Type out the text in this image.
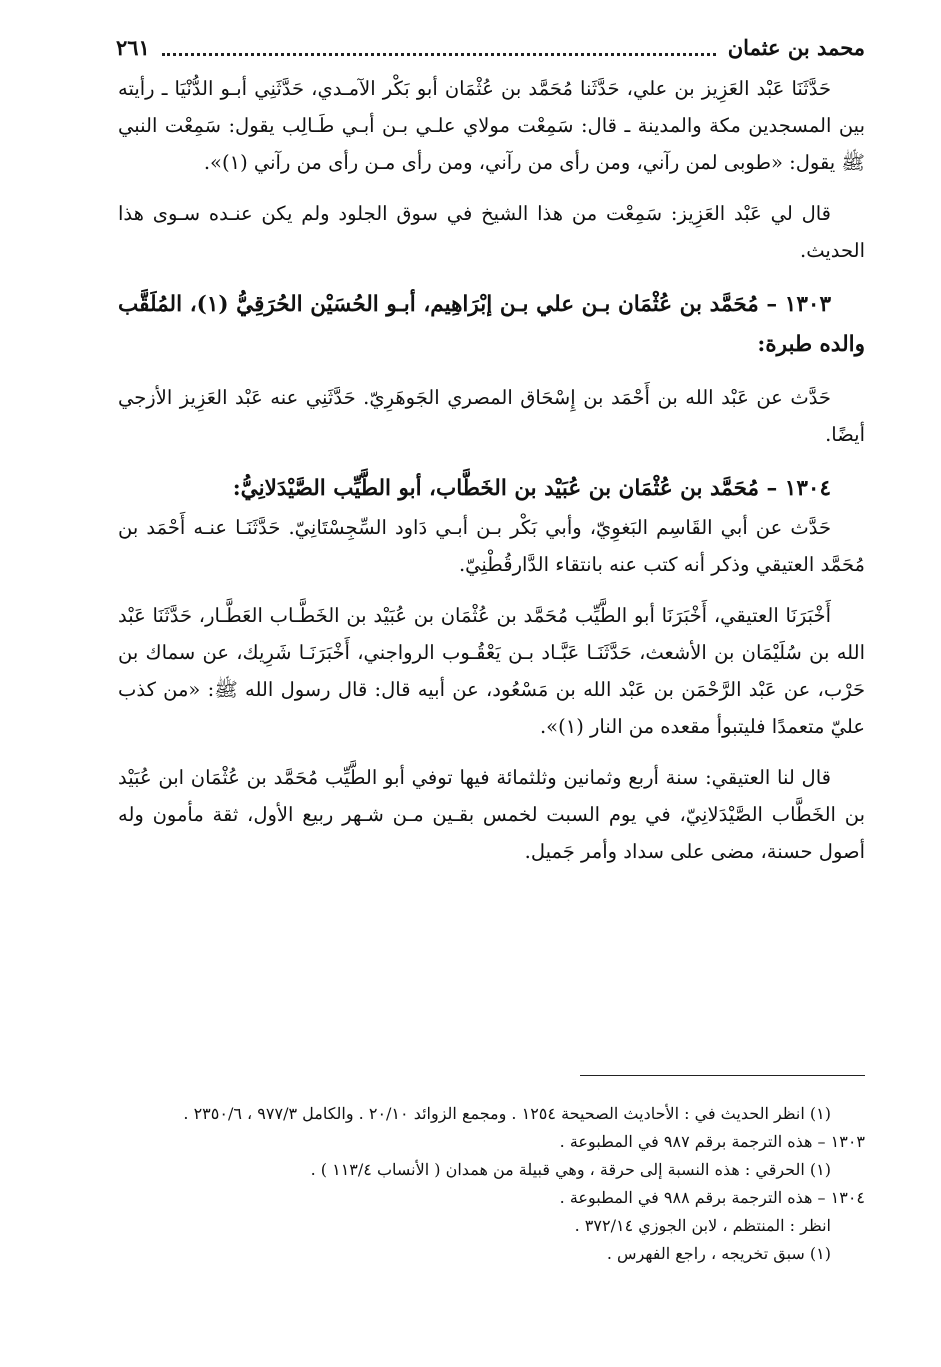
محمد بن عثمان
٢٦١

حَدَّثَنَا عَبْد العَزِيز بن علي، حَدَّثَنا مُحَمَّد بن عُثْمَان أبو بَكْر الآمـدي، حَدَّثَنِي أبـو الدُّنْيَا ـ رأيته بين المسجدين مكة والمدينة ـ قال: سَمِعْت مولاي علـي بـن أبـي طَـالِب يقول: سَمِعْت النبي ﷺ يقول: «طوبى لمن رآني، ومن رأى من رآني، ومن رأى مـن رأى من رآني (١)».

قال لي عَبْد العَزِيز: سَمِعْت من هذا الشيخ في سوق الجلود ولم يكن عنـده سـوى هذا الحديث.

١٣٠٣ – مُحَمَّد بن عُثْمَان بـن علي بـن إبْرَاهِيم، أبـو الحُسَيْن الحُرَقِيُّ (١)، المُلَقَّب والده طبرة:

حَدَّث عن عَبْد الله بن أَحْمَد بن إِسْحَاق المصري الجَوهَرِيّ. حَدَّثَنِي عنه عَبْد العَزِيز الأزجي أيضًا.

١٣٠٤ – مُحَمَّد بن عُثْمَان بن عُبَيْد بن الخَطَّاب، أبو الطَّيِّب الصَّيْدَلانِيُّ:

حَدَّث عن أبي القَاسِم البَغوِيّ، وأبي بَكْر بـن أبـي دَاود السِّجِسْتَانِيّ. حَدَّثَنَـا عنـه أَحْمَد بن مُحَمَّد العتيقي وذكر أنه كتب عنه بانتقاء الدَّارقُطْنِيّ.

أَخْبَرَنَا العتيقي، أَخْبَرَنَا أبو الطَّيِّب مُحَمَّد بن عُثْمَان بن عُبَيْد بن الخَطَّـاب العَطَّـار، حَدَّثَنَا عَبْد الله بن سُلَيْمَان بن الأشعث، حَدَّثَنَـا عَبَّـاد بـن يَعْقُـوب الرواجني، أَخْبَرَنَـا شَرِيك، عن سماك بن حَرْب، عن عَبْد الرَّحْمَن بن عَبْد الله بن مَسْعُود، عن أبيه قال: قال رسول الله ﷺ: «من كذب عليّ متعمدًا فليتبوأ مقعده من النار (١)».

قال لنا العتيقي: سنة أربع وثمانين وثلثمائة فيها توفي أبو الطَّيِّب مُحَمَّد بن عُثْمَان ابن عُبَيْد بن الخَطَّاب الصَّيْدَلانِيّ، في يوم السبت لخمس بقـين مـن شـهر ربيع الأول، ثقة مأمون وله أصول حسنة، مضى على سداد وأمر جَميل.

(١) انظر الحديث في : الأحاديث الصحيحة ١٢٥٤ . ومجمع الزوائد ٢٠/١٠ . والكامل ٩٧٧/٣ ، ٢٣٥٠/٦ .
١٣٠٣ – هذه الترجمة برقم ٩٨٧ في المطبوعة .
(١) الحرقي : هذه النسبة إلى حرقة ، وهي قبيلة من همدان ( الأنساب ١١٣/٤ ) .
١٣٠٤ – هذه الترجمة برقم ٩٨٨ في المطبوعة .
انظر : المنتظم ، لابن الجوزي ٣٧٢/١٤ .
(١) سبق تخريجه ، راجع الفهرس .
